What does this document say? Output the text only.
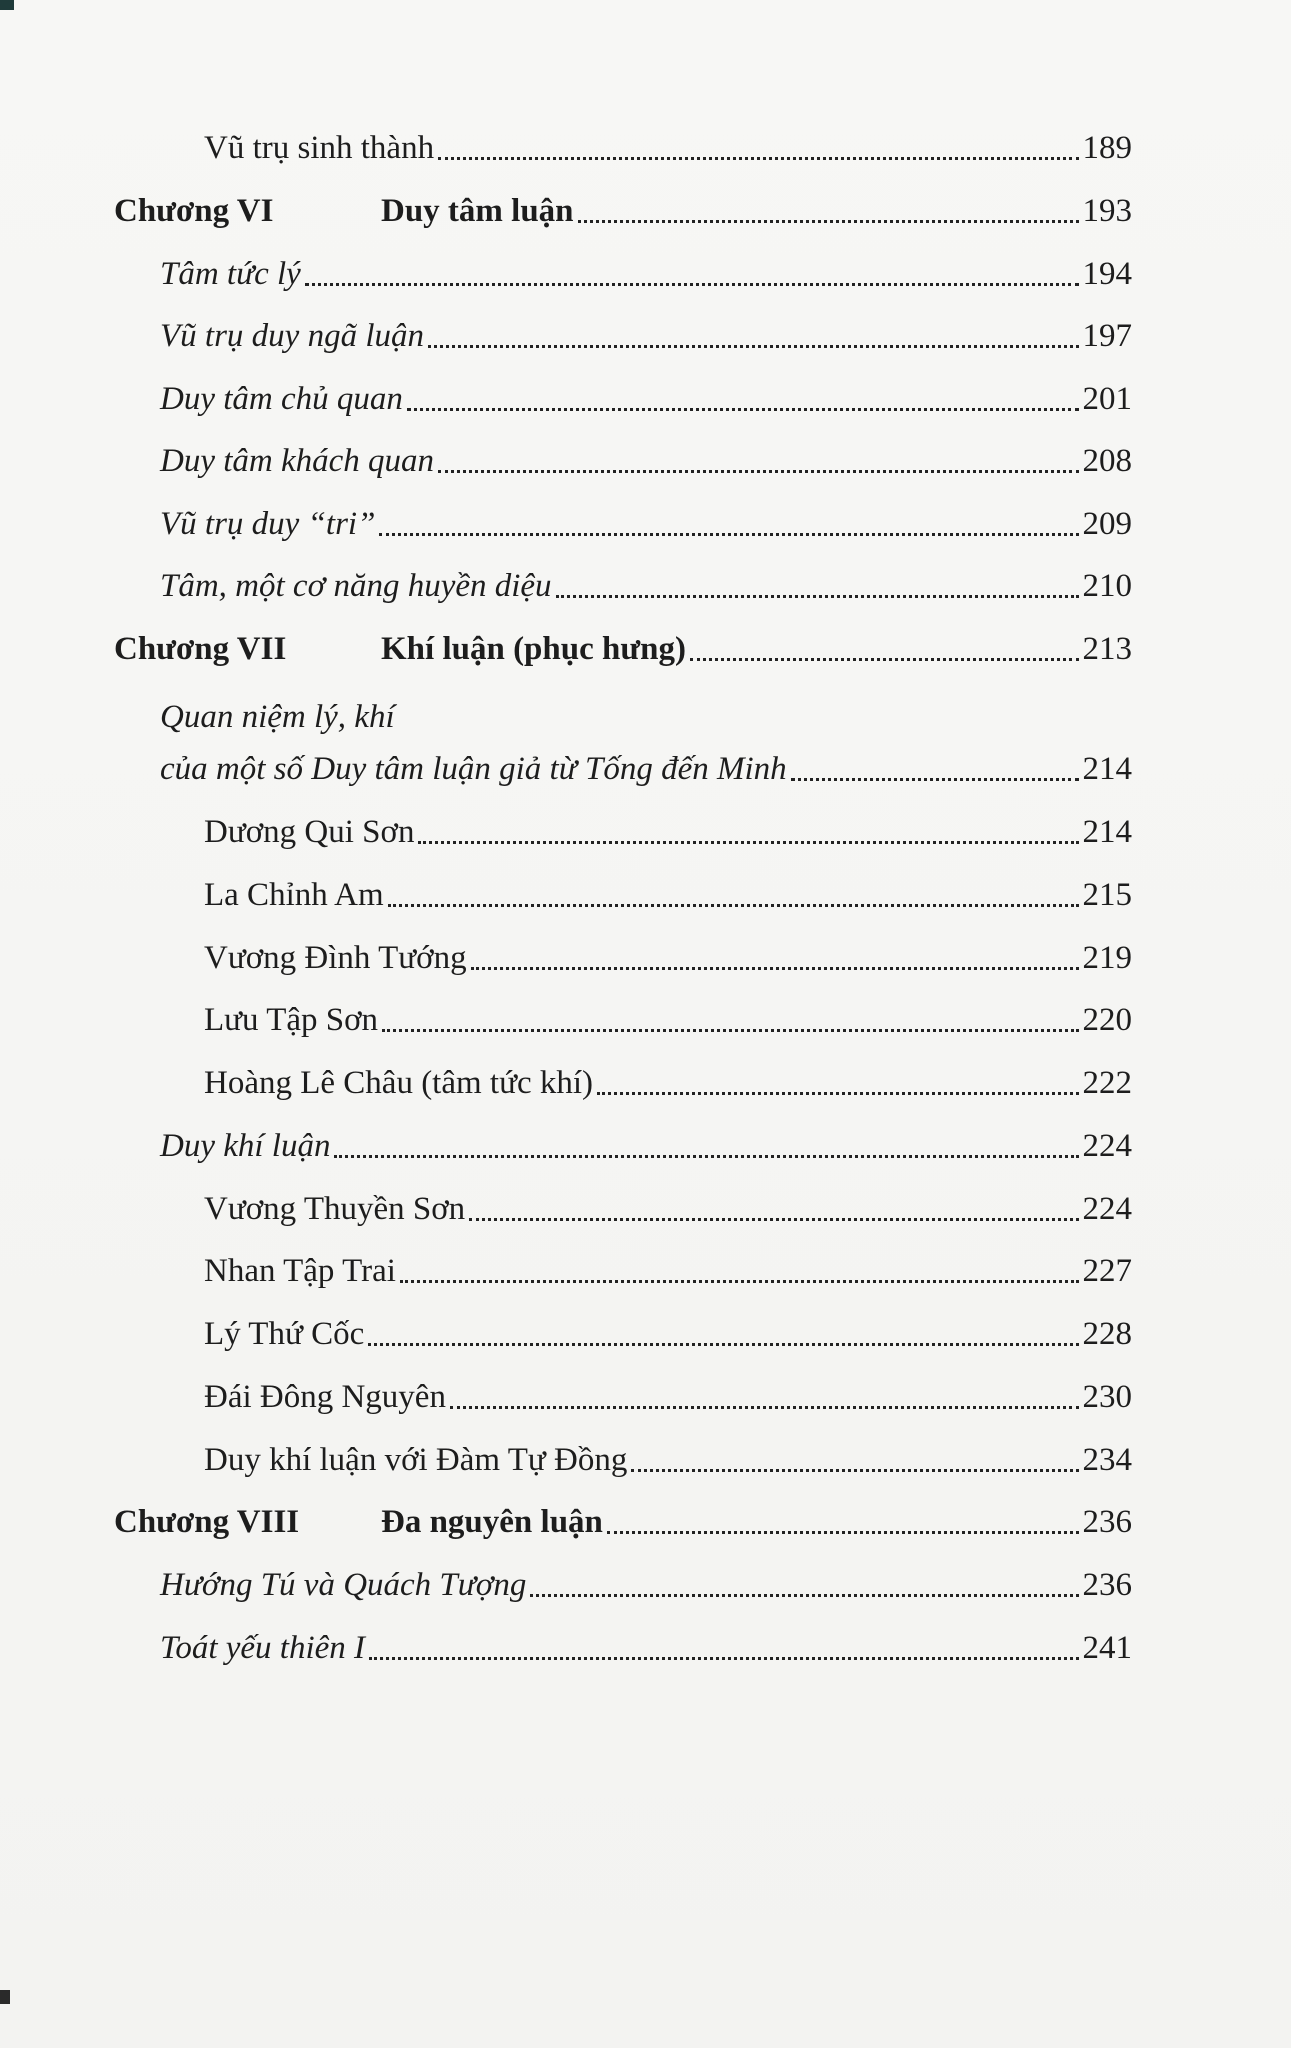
Vũ trụ sinh thành	189
Chương VI	Duy tâm luận	193
Tâm tức lý	194
Vũ trụ duy ngã luận	197
Duy tâm chủ quan	201
Duy tâm khách quan	208
Vũ trụ duy “tri”	209
Tâm, một cơ năng huyền diệu	210
Chương VII	Khí luận (phục hưng)	213
Quan niệm lý, khí
của một số Duy tâm luận giả từ Tống đến Minh	214
Dương Qui Sơn	214
La Chỉnh Am	215
Vương Đình Tướng	219
Lưu Tập Sơn	220
Hoàng Lê Châu (tâm tức khí)	222
Duy khí luận	224
Vương Thuyền Sơn	224
Nhan Tập Trai	227
Lý Thứ Cốc	228
Đái Đông Nguyên	230
Duy khí luận với Đàm Tự Đồng	234
Chương VIII	Đa nguyên luận	236
Hướng Tú và Quách Tượng	236
Toát yếu thiên I	241
